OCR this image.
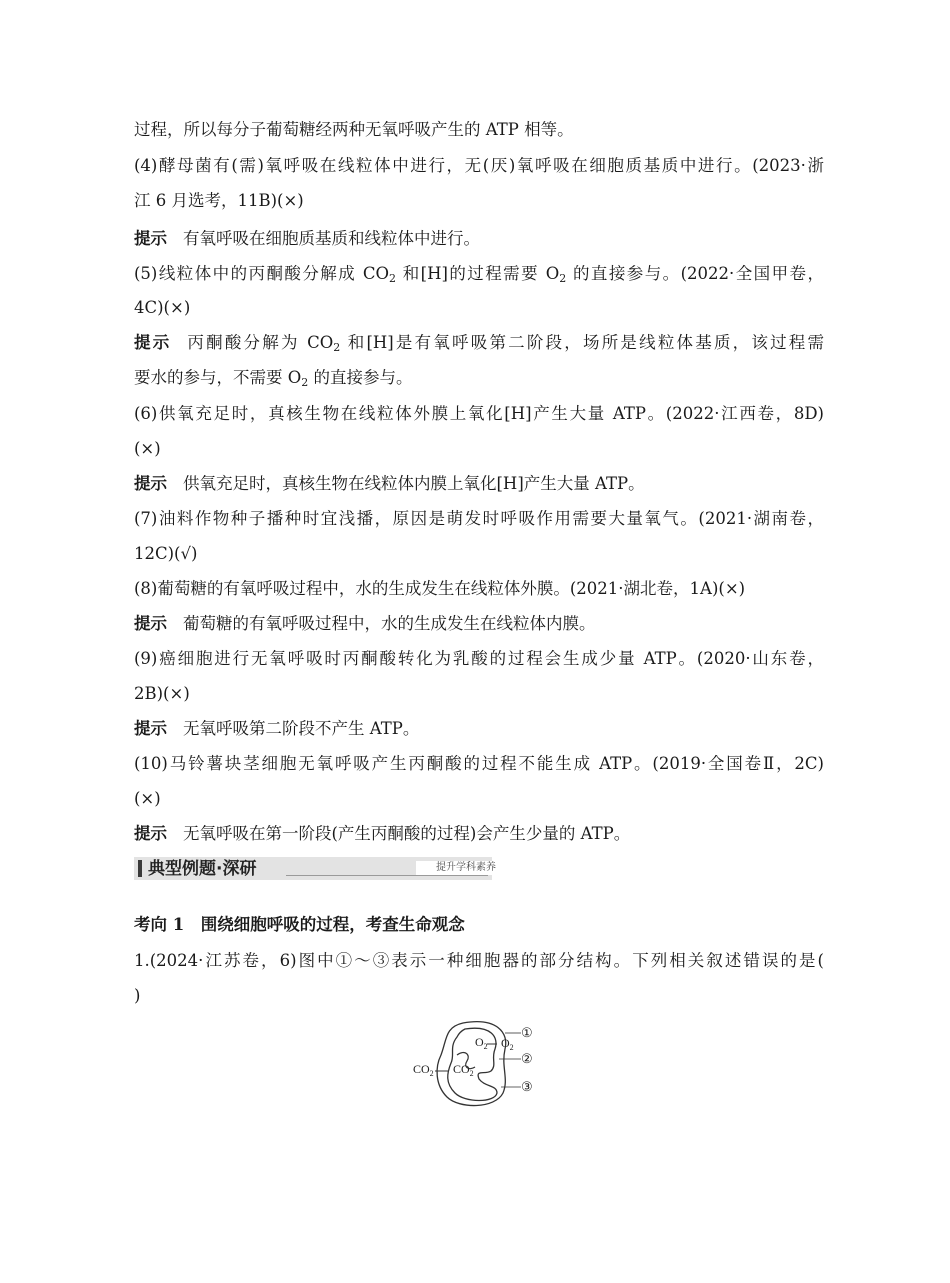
过程，所以每分子葡萄糖经两种无氧呼吸产生的 ATP 相等。
(4)酵母菌有(需)氧呼吸在线粒体中进行，无(厌)氧呼吸在细胞质基质中进行。(2023·浙
江 6 月选考，11B)(×)
提示 有氧呼吸在细胞质基质和线粒体中进行。
(5)线粒体中的丙酮酸分解成 $CO_2$ 和[H]的过程需要 $O_2$ 的直接参与。(2022·全国甲卷，
4C)(×)
提示 丙酮酸分解为 $CO_2$ 和[H]是有氧呼吸第二阶段，场所是线粒体基质，该过程需
要水的参与，不需要 $O_2$ 的直接参与。
(6)供氧充足时，真核生物在线粒体外膜上氧化[H]产生大量 ATP。(2022·江西卷，8D)
(×)
提示 供氧充足时，真核生物在线粒体内膜上氧化[H]产生大量 ATP。
(7)油料作物种子播种时宜浅播，原因是萌发时呼吸作用需要大量氧气。(2021·湖南卷，
12C)(√)
(8)葡萄糖的有氧呼吸过程中，水的生成发生在线粒体外膜。(2021·湖北卷，1A)(×)
提示 葡萄糖的有氧呼吸过程中，水的生成发生在线粒体内膜。
(9)癌细胞进行无氧呼吸时丙酮酸转化为乳酸的过程会生成少量 ATP。(2020·山东卷，
2B)(×)
提示 无氧呼吸第二阶段不产生 ATP。
(10)马铃薯块茎细胞无氧呼吸产生丙酮酸的过程不能生成 ATP。(2019·全国卷Ⅱ，2C)
(×)
提示 无氧呼吸在第一阶段(产生丙酮酸的过程)会产生少量的 ATP。
典型例题·深研	提升学科素养
考向 1　围绕细胞呼吸的过程，考查生命观念
1.(2024·江苏卷，6)图中①～③表示一种细胞器的部分结构。下列相关叙述错误的是(
)
$O_2$ $O_2$
$CO_2$ $CO_2$
①
②
③
